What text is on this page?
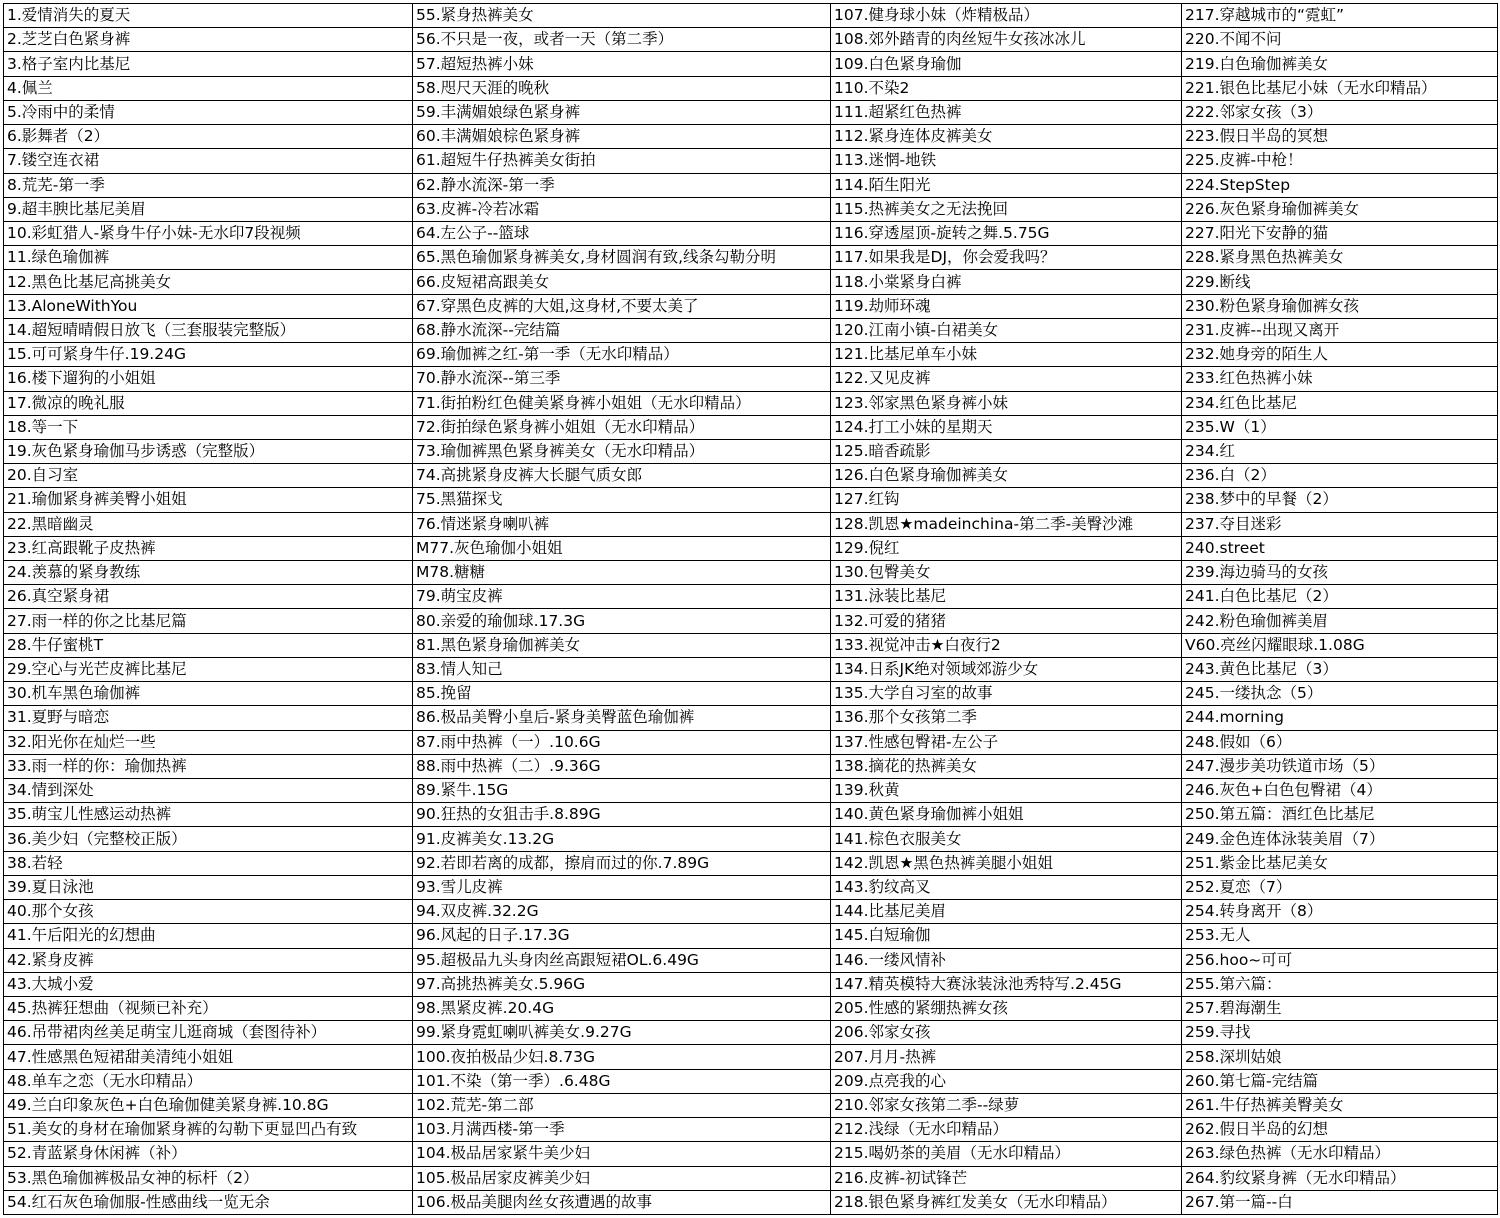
1.爱情消失的夏天	55.紧身热裤美女	107.健身球小妹（炸精极品）	217.穿越城市的“霓虹”
2.芝芝白色紧身裤	56.不只是一夜，或者一天（第二季）	108.郊外踏青的肉丝短牛女孩冰冰儿	220.不闻不问
3.格子室内比基尼	57.超短热裤小妹	109.白色紧身瑜伽	219.白色瑜伽裤美女
4.佩兰	58.咫尺天涯的晚秋	110.不染2	221.银色比基尼小妹（无水印精品）
5.冷雨中的柔情	59.丰满媚娘绿色紧身裤	111.超紧红色热裤	222.邻家女孩（3）
6.影舞者（2）	60.丰满媚娘棕色紧身裤	112.紧身连体皮裤美女	223.假日半岛的冥想
7.镂空连衣裙	61.超短牛仔热裤美女街拍	113.迷惘-地铁	225.皮裤-中枪！
8.荒芜-第一季	62.静水流深-第一季	114.陌生阳光	224.StepStep
9.超丰腴比基尼美眉	63.皮裤-冷若冰霜	115.热裤美女之无法挽回	226.灰色紧身瑜伽裤美女
10.彩虹猎人-紧身牛仔小妹-无水印7段视频	64.左公子--篮球	116.穿透屋顶-旋转之舞.5.75G	227.阳光下安静的猫
11.绿色瑜伽裤	65.黑色瑜伽紧身裤美女,身材圆润有致,线条勾勒分明	117.如果我是DJ，你会爱我吗？	228.紧身黑色热裤美女
12.黑色比基尼高挑美女	66.皮短裙高跟美女	118.小棠紧身白裤	229.断线
13.AloneWithYou	67.穿黑色皮裤的大姐,这身材,不要太美了	119.劫师环魂	230.粉色紧身瑜伽裤女孩
14.超短晴晴假日放飞（三套服装完整版）	68.静水流深--完结篇	120.江南小镇-白裙美女	231.皮裤--出现又离开
15.可可紧身牛仔.19.24G	69.瑜伽裤之红-第一季（无水印精品）	121.比基尼单车小妹	232.她身旁的陌生人
16.楼下遛狗的小姐姐	70.静水流深--第三季	122.又见皮裤	233.红色热裤小妹
17.微凉的晚礼服	71.街拍粉红色健美紧身裤小姐姐（无水印精品）	123.邻家黑色紧身裤小妹	234.红色比基尼
18.等一下	72.街拍绿色紧身裤小姐姐（无水印精品）	124.打工小妹的星期天	235.W（1）
19.灰色紧身瑜伽马步诱惑（完整版）	73.瑜伽裤黑色紧身裤美女（无水印精品）	125.暗香疏影	234.红
20.自习室	74.高挑紧身皮裤大长腿气质女郎	126.白色紧身瑜伽裤美女	236.白（2）
21.瑜伽紧身裤美臀小姐姐	75.黑猫探戈	127.红钩	238.梦中的早餐（2）
22.黑暗幽灵	76.情迷紧身喇叭裤	128.凯恩★madeinchina-第二季-美臀沙滩	237.夺目迷彩
23.红高跟靴子皮热裤	M77.灰色瑜伽小姐姐	129.倪红	240.street
24.羡慕的紧身教练	M78.糖糖	130.包臀美女	239.海边骑马的女孩
26.真空紧身裙	79.萌宝皮裤	131.泳装比基尼	241.白色比基尼（2）
27.雨一样的你之比基尼篇	80.亲爱的瑜伽球.17.3G	132.可爱的猪猪	242.粉色瑜伽裤美眉
28.牛仔蜜桃T	81.黑色紧身瑜伽裤美女	133.视觉冲击★白夜行2	V60.亮丝闪耀眼球.1.08G
29.空心与光芒皮裤比基尼	83.情人知己	134.日系JK绝对领域郊游少女	243.黄色比基尼（3）
30.机车黑色瑜伽裤	85.挽留	135.大学自习室的故事	245.一缕执念（5）
31.夏野与暗恋	86.极品美臀小皇后-紧身美臀蓝色瑜伽裤	136.那个女孩第二季	244.morning
32.阳光你在灿烂一些	87.雨中热裤（一）.10.6G	137.性感包臀裙-左公子	248.假如（6）
33.雨一样的你：瑜伽热裤	88.雨中热裤（二）.9.36G	138.摘花的热裤美女	247.漫步美功铁道市场（5）
34.情到深处	89.紧牛.15G	139.秋黄	246.灰色+白色包臀裙（4）
35.萌宝儿性感运动热裤	90.狂热的女狙击手.8.89G	140.黄色紧身瑜伽裤小姐姐	250.第五篇：酒红色比基尼
36.美少妇（完整校正版）	91.皮裤美女.13.2G	141.棕色衣服美女	249.金色连体泳装美眉（7）
38.若轻	92.若即若离的成都，擦肩而过的你.7.89G	142.凯恩★黑色热裤美腿小姐姐	251.紫金比基尼美女
39.夏日泳池	93.雪儿皮裤	143.豹纹高叉	252.夏恋（7）
40.那个女孩	94.双皮裤.32.2G	144.比基尼美眉	254.转身离开（8）
41.午后阳光的幻想曲	96.风起的日子.17.3G	145.白短瑜伽	253.无人
42.紧身皮裤	95.超极品九头身肉丝高跟短裙OL.6.49G	146.一缕风情补	256.hoo~可可
43.大城小爱	97.高挑热裤美女.5.96G	147.精英模特大赛泳装泳池秀特写.2.45G	255.第六篇：
45.热裤狂想曲（视频已补充）	98.黑紧皮裤.20.4G	205.性感的紧绷热裤女孩	257.碧海潮生
46.吊带裙肉丝美足萌宝儿逛商城（套图待补）	99.紧身霓虹喇叭裤美女.9.27G	206.邻家女孩	259.寻找
47.性感黑色短裙甜美清纯小姐姐	100.夜拍极品少妇.8.73G	207.月月-热裤	258.深圳姑娘
48.单车之恋（无水印精品）	101.不染（第一季）.6.48G	209.点亮我的心	260.第七篇-完结篇
49.兰白印象灰色+白色瑜伽健美紧身裤.10.8G	102.荒芜-第二部	210.邻家女孩第二季--绿萝	261.牛仔热裤美臀美女
51.美女的身材在瑜伽紧身裤的勾勒下更显凹凸有致	103.月满西楼-第一季	212.浅绿（无水印精品）	262.假日半岛的幻想
52.青蓝紧身休闲裤（补）	104.极品居家紧牛美少妇	215.喝奶茶的美眉（无水印精品）	263.绿色热裤（无水印精品）
53.黑色瑜伽裤极品女神的标杆（2）	105.极品居家皮裤美少妇	216.皮裤-初试锋芒	264.豹纹紧身裤（无水印精品）
54.红石灰色瑜伽服-性感曲线一览无余	106.极品美腿肉丝女孩遭遇的故事	218.银色紧身裤红发美女（无水印精品）	267.第一篇--白
